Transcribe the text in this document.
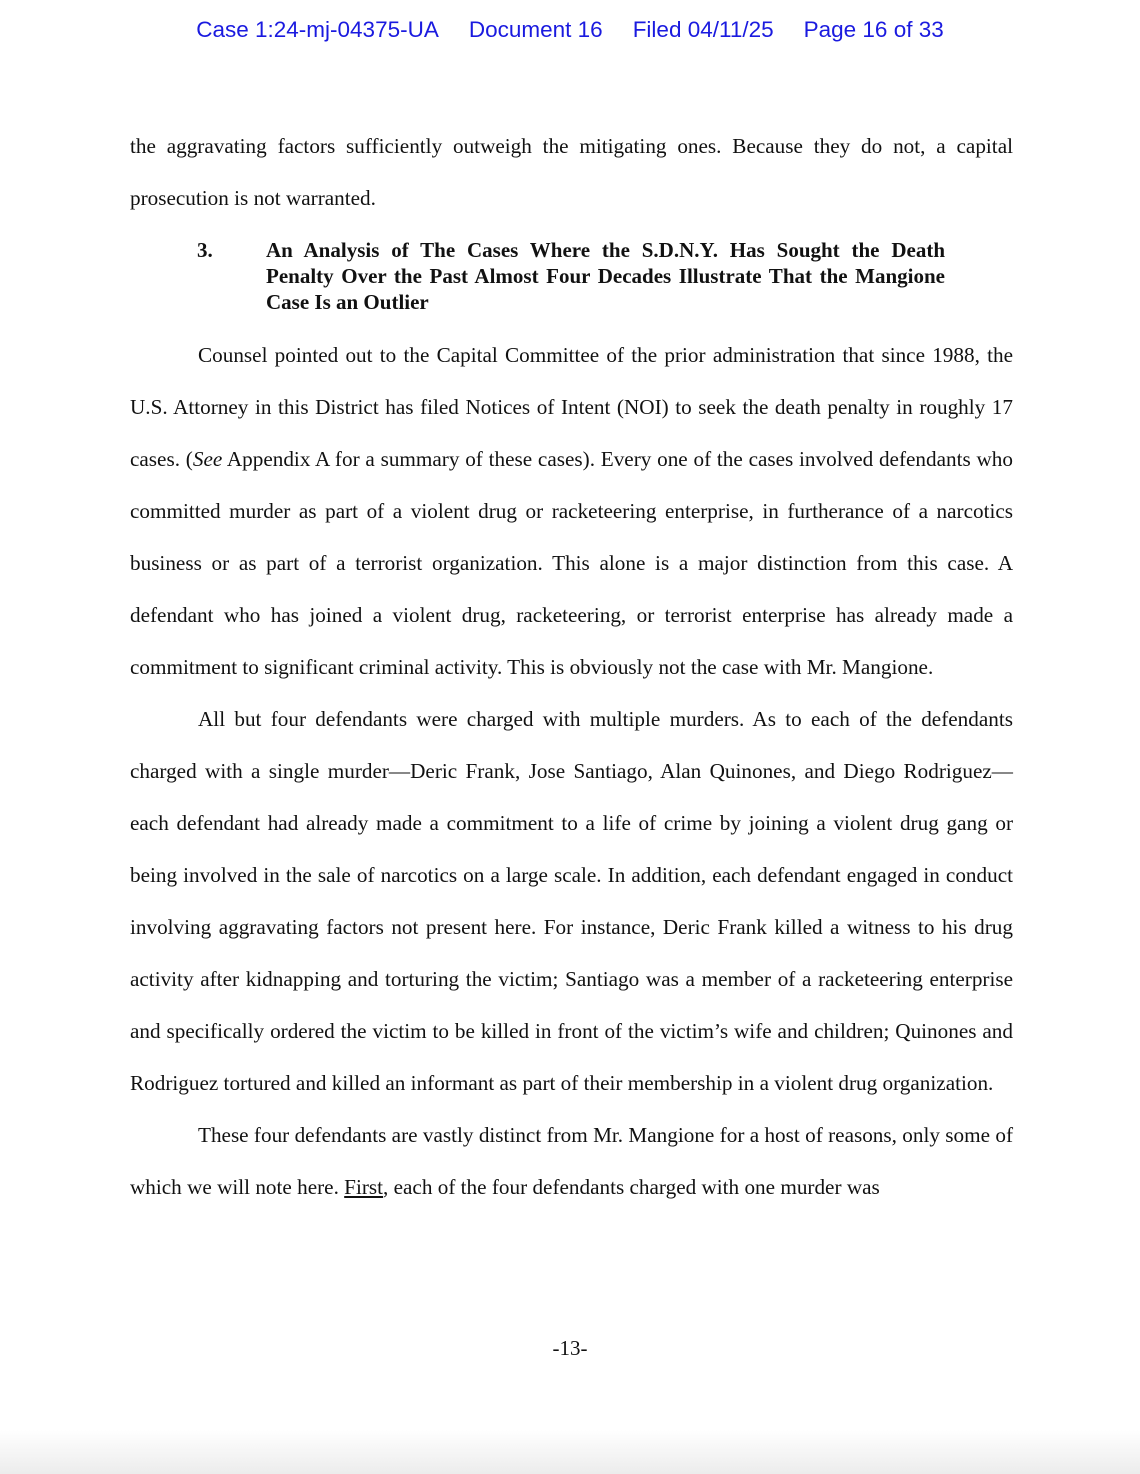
Case 1:24-mj-04375-UA Document 16 Filed 04/11/25 Page 16 of 33

the aggravating factors sufficiently outweigh the mitigating ones. Because they do not, a capital prosecution is not warranted.

3.	An Analysis of The Cases Where the S.D.N.Y. Has Sought the Death Penalty Over the Past Almost Four Decades Illustrate That the Mangione Case Is an Outlier

Counsel pointed out to the Capital Committee of the prior administration that since 1988, the U.S. Attorney in this District has filed Notices of Intent (NOI) to seek the death penalty in roughly 17 cases. (See Appendix A for a summary of these cases). Every one of the cases involved defendants who committed murder as part of a violent drug or racketeering enterprise, in furtherance of a narcotics business or as part of a terrorist organization. This alone is a major distinction from this case. A defendant who has joined a violent drug, racketeering, or terrorist enterprise has already made a commitment to significant criminal activity. This is obviously not the case with Mr. Mangione.

All but four defendants were charged with multiple murders. As to each of the defendants charged with a single murder—Deric Frank, Jose Santiago, Alan Quinones, and Diego Rodriguez—each defendant had already made a commitment to a life of crime by joining a violent drug gang or being involved in the sale of narcotics on a large scale. In addition, each defendant engaged in conduct involving aggravating factors not present here. For instance, Deric Frank killed a witness to his drug activity after kidnapping and torturing the victim; Santiago was a member of a racketeering enterprise and specifically ordered the victim to be killed in front of the victim’s wife and children; Quinones and Rodriguez tortured and killed an informant as part of their membership in a violent drug organization.

These four defendants are vastly distinct from Mr. Mangione for a host of reasons, only some of which we will note here. First, each of the four defendants charged with one murder was

-13-
